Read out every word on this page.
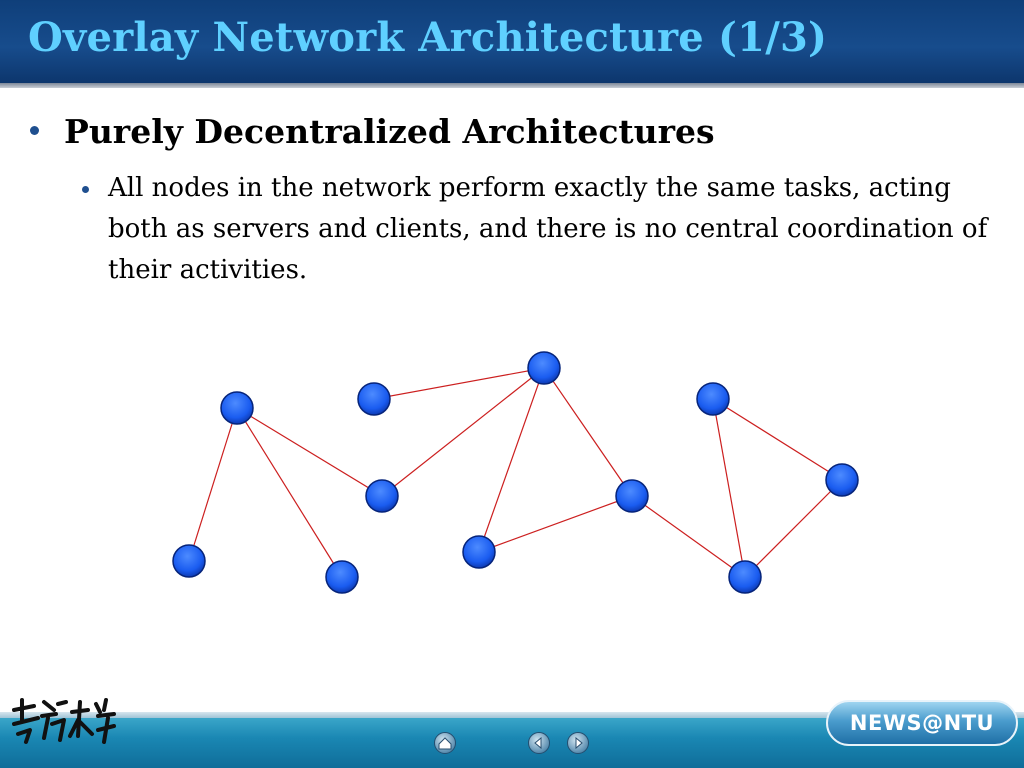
Overlay Network Architecture (1/3)
Purely Decentralized Architectures
All nodes in the network perform exactly the same tasks, acting both as servers and clients, and there is no central coordination of their activities.
NEWS@NTU
